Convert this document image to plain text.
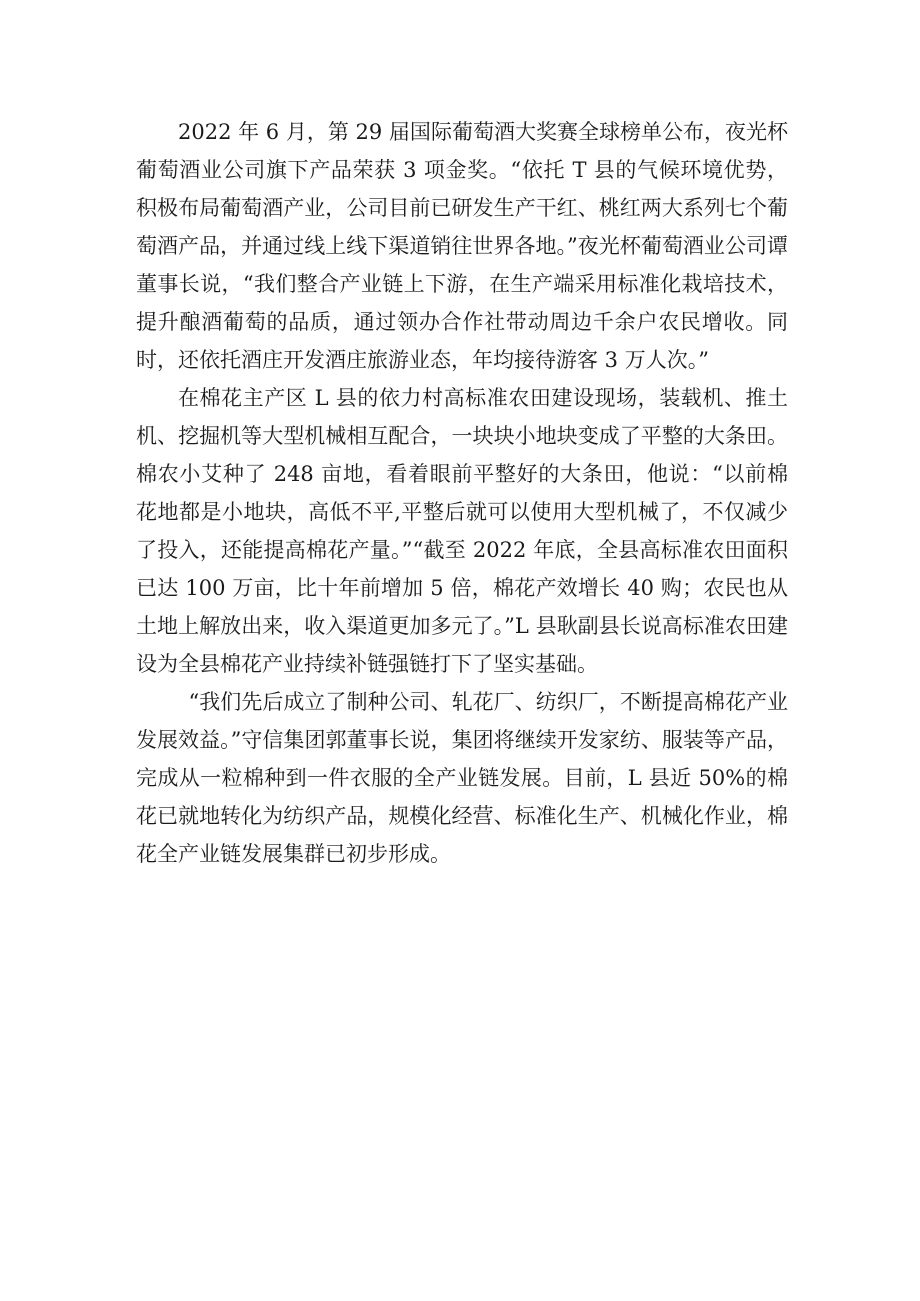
2022 年 6 月，第 29 届国际葡萄酒大奖赛全球榜单公布，夜光杯葡萄酒业公司旗下产品荣获 3 项金奖。“依托 T 县的气候环境优势，积极布局葡萄酒产业，公司目前已研发生产干红、桃红两大系列七个葡萄酒产品，并通过线上线下渠道销往世界各地。”夜光杯葡萄酒业公司谭董事长说，“我们整合产业链上下游，在生产端采用标准化栽培技术，提升酿酒葡萄的品质，通过领办合作社带动周边千余户农民增收。同时，还依托酒庄开发酒庄旅游业态，年均接待游客 3 万人次。”

在棉花主产区 L 县的依力村高标准农田建设现场，装载机、推土机、挖掘机等大型机械相互配合，一块块小地块变成了平整的大条田。棉农小艾种了 248 亩地，看着眼前平整好的大条田，他说：“以前棉花地都是小地块，高低不平,平整后就可以使用大型机械了，不仅减少了投入，还能提高棉花产量。”“截至 2022 年底，全县高标准农田面积已达 100 万亩，比十年前增加 5 倍，棉花产效增长 40 购；农民也从土地上解放出来，收入渠道更加多元了。”L 县耿副县长说高标准农田建设为全县棉花产业持续补链强链打下了坚实基础。

“我们先后成立了制种公司、轧花厂、纺织厂，不断提高棉花产业发展效益。”守信集团郭董事长说，集团将继续开发家纺、服装等产品，完成从一粒棉种到一件衣服的全产业链发展。目前，L 县近 50%的棉花已就地转化为纺织产品，规模化经营、标准化生产、机械化作业，棉花全产业链发展集群已初步形成。
